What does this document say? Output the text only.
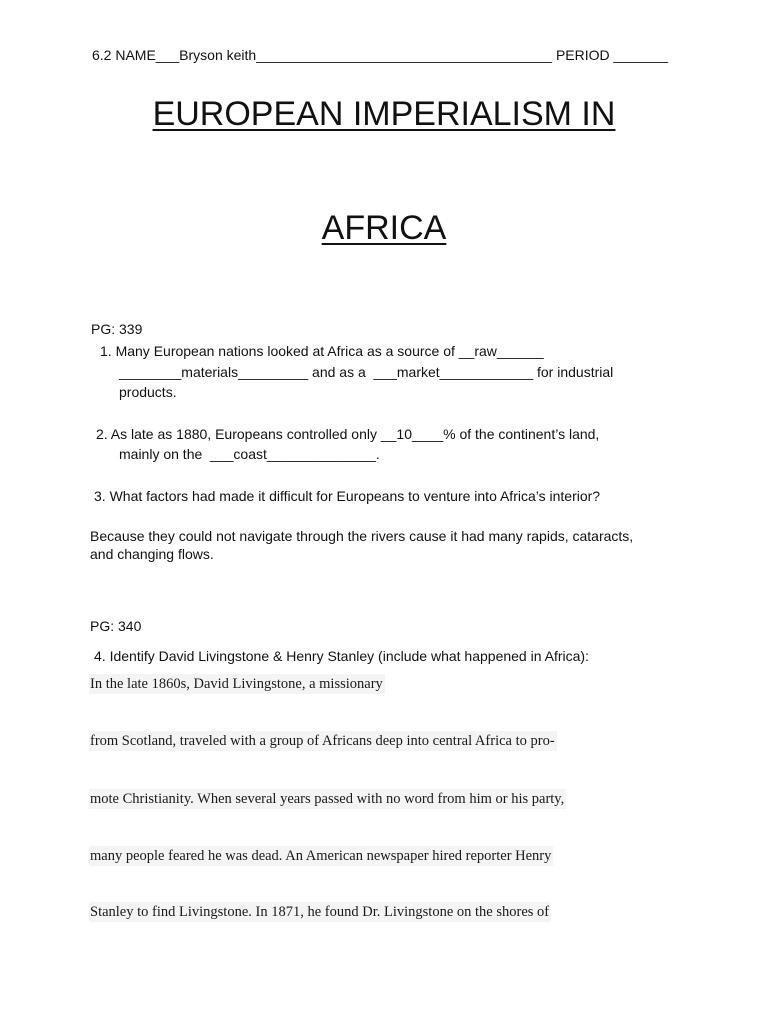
6.2 NAME___Bryson keith______________________________________ PERIOD _______
EUROPEAN IMPERIALISM IN
AFRICA
PG: 339
1. Many European nations looked at Africa as a source of __raw______
________materials_________ and as a  ___market____________ for industrial
products.
2. As late as 1880, Europeans controlled only __10____% of the continent’s land,
mainly on the  ___coast______________.
3. What factors had made it difficult for Europeans to venture into Africa’s interior?
Because they could not navigate through the rivers cause it had many rapids, cataracts,
and changing flows.
PG: 340
4. Identify David Livingstone & Henry Stanley (include what happened in Africa):
In the late 1860s, David Livingstone, a missionary
from Scotland, traveled with a group of Africans deep into central Africa to pro-
mote Christianity. When several years passed with no word from him or his party,
many people feared he was dead. An American newspaper hired reporter Henry
Stanley to find Livingstone. In 1871, he found Dr. Livingstone on the shores of
